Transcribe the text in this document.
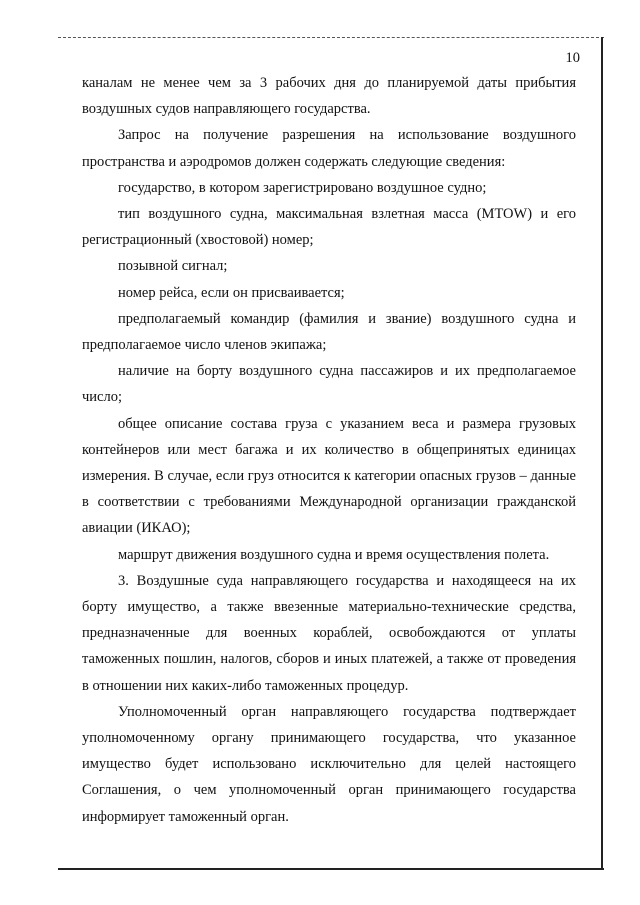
10

каналам не менее чем за 3 рабочих дня до планируемой даты прибытия воздушных судов направляющего государства.

Запрос на получение разрешения на использование воздушного пространства и аэродромов должен содержать следующие сведения:

государство, в котором зарегистрировано воздушное судно;

тип воздушного судна, максимальная взлетная масса (MTOW) и его регистрационный (хвостовой) номер;

позывной сигнал;

номер рейса, если он присваивается;

предполагаемый командир (фамилия и звание) воздушного судна и предполагаемое число членов экипажа;

наличие на борту воздушного судна пассажиров и их предполагаемое число;

общее описание состава груза с указанием веса и размера грузовых контейнеров или мест багажа и их количество в общепринятых единицах измерения. В случае, если груз относится к категории опасных грузов – данные в соответствии с требованиями Международной организации гражданской авиации (ИКАО);

маршрут движения воздушного судна и время осуществления полета.

3. Воздушные суда направляющего государства и находящееся на их борту имущество, а также ввезенные материально-технические средства, предназначенные для военных кораблей, освобождаются от уплаты таможенных пошлин, налогов, сборов и иных платежей, а также от проведения в отношении них каких-либо таможенных процедур.

Уполномоченный орган направляющего государства подтверждает уполномоченному органу принимающего государства, что указанное имущество будет использовано исключительно для целей настоящего Соглашения, о чем уполномоченный орган принимающего государства информирует таможенный орган.
